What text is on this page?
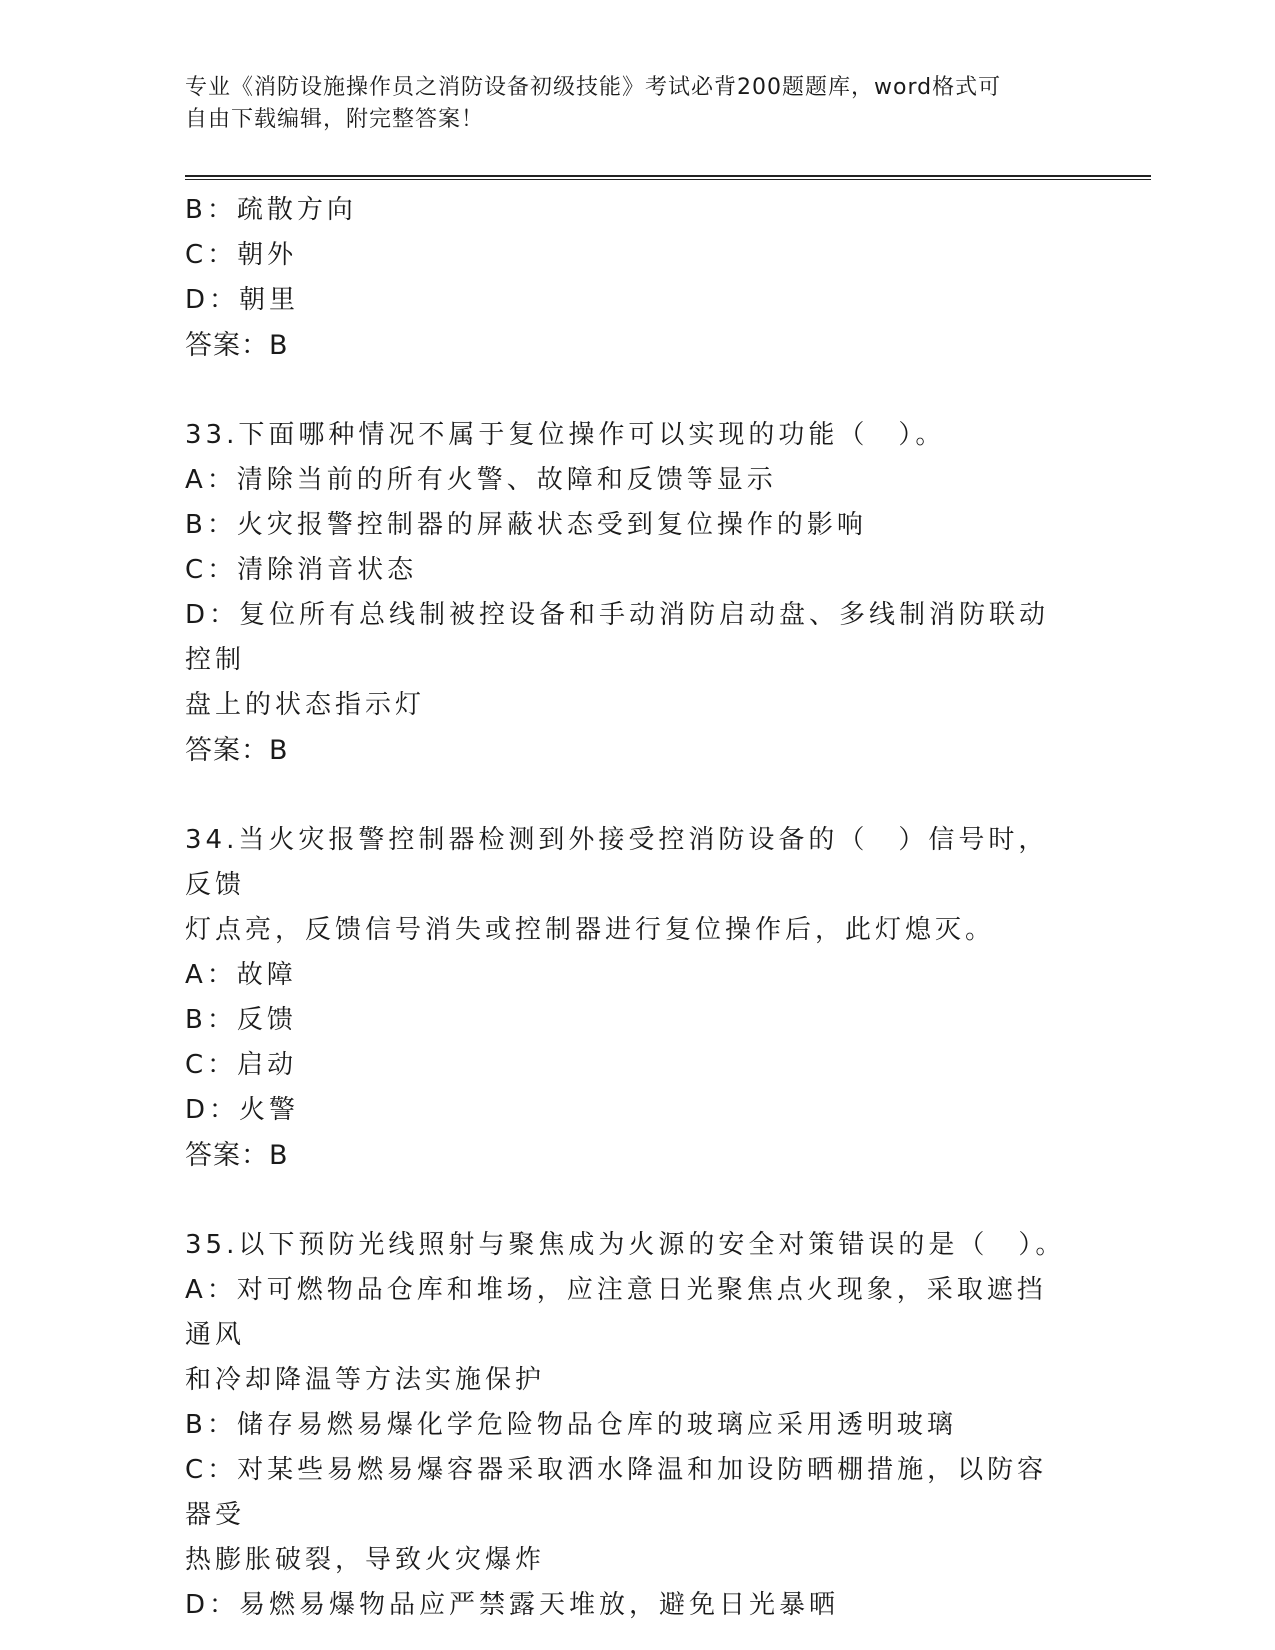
专业《消防设施操作员之消防设备初级技能》考试必背200题题库，word格式可
自由下载编辑，附完整答案！
B：疏散方向
C：朝外
D：朝里
答案：B
33.下面哪种情况不属于复位操作可以实现的功能（　）。
A：清除当前的所有火警、故障和反馈等显示
B：火灾报警控制器的屏蔽状态受到复位操作的影响
C：清除消音状态
D：复位所有总线制被控设备和手动消防启动盘、多线制消防联动控制
盘上的状态指示灯
答案：B
34.当火灾报警控制器检测到外接受控消防设备的（　）信号时，反馈
灯点亮，反馈信号消失或控制器进行复位操作后，此灯熄灭。
A：故障
B：反馈
C：启动
D：火警
答案：B
35.以下预防光线照射与聚焦成为火源的安全对策错误的是（　）。
A：对可燃物品仓库和堆场，应注意日光聚焦点火现象，采取遮挡通风
和冷却降温等方法实施保护
B：储存易燃易爆化学危险物品仓库的玻璃应采用透明玻璃
C：对某些易燃易爆容器采取洒水降温和加设防晒棚措施，以防容器受
热膨胀破裂，导致火灾爆炸
D：易燃易爆物品应严禁露天堆放，避免日光暴晒
